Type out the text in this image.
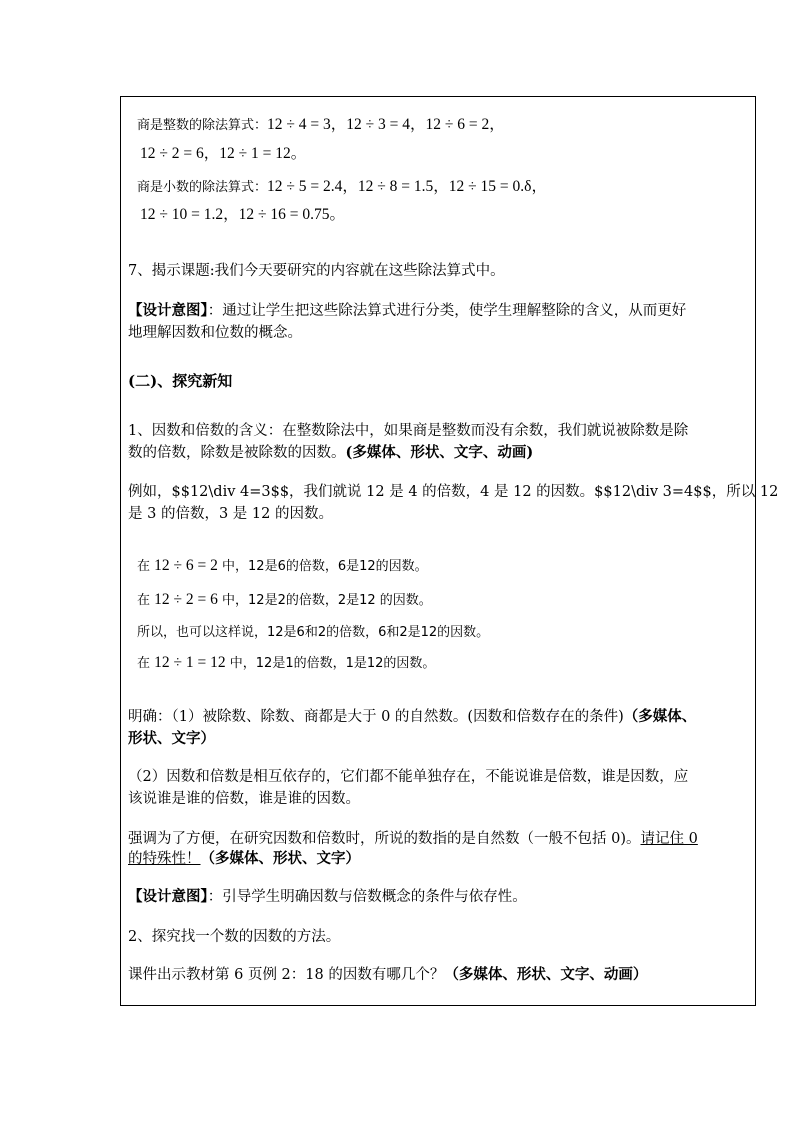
商是整数的除法算式：12 ÷ 4 = 3，12 ÷ 3 = 4，12 ÷ 6 = 2，
12 ÷ 2 = 6，12 ÷ 1 = 12。
商是小数的除法算式：12 ÷ 5 = 2.4，12 ÷ 8 = 1.5，12 ÷ 15 = 0.δ，
12 ÷ 10 = 1.2，12 ÷ 16 = 0.75。
7、揭示课题:我们今天要研究的内容就在这些除法算式中。
【设计意图】：通过让学生把这些除法算式进行分类，使学生理解整除的含义，从而更好
地理解因数和位数的概念。
(二)、探究新知
1、因数和倍数的含义：在整数除法中，如果商是整数而没有余数，我们就说被除数是除
数的倍数，除数是被除数的因数。(多媒体、形状、文字、动画)
例如，$$12\div 4=3$$，我们就说 12 是 4 的倍数，4 是 12 的因数。$$12\div 3=4$$，所以 12
是 3 的倍数，3 是 12 的因数。
在 12 ÷ 6 = 2 中，12是6的倍数，6是12的因数。
在 12 ÷ 2 = 6 中，12是2的倍数，2是12 的因数。
所以，也可以这样说，12是6和2的倍数，6和2是12的因数。
在 12 ÷ 1 = 12 中，12是1的倍数，1是12的因数。
明确：（1）被除数、除数、商都是大于 0 的自然数。(因数和倍数存在的条件)（多媒体、
形状、文字）
（2）因数和倍数是相互依存的，它们都不能单独存在，不能说谁是倍数，谁是因数，应
该说谁是谁的倍数，谁是谁的因数。
强调为了方便，在研究因数和倍数时，所说的数指的是自然数（一般不包括 0)。请记住 0
的特殊性！（多媒体、形状、文字）
【设计意图】：引导学生明确因数与倍数概念的条件与依存性。
2、探究找一个数的因数的方法。
课件出示教材第 6 页例 2：18 的因数有哪几个？（多媒体、形状、文字、动画）
